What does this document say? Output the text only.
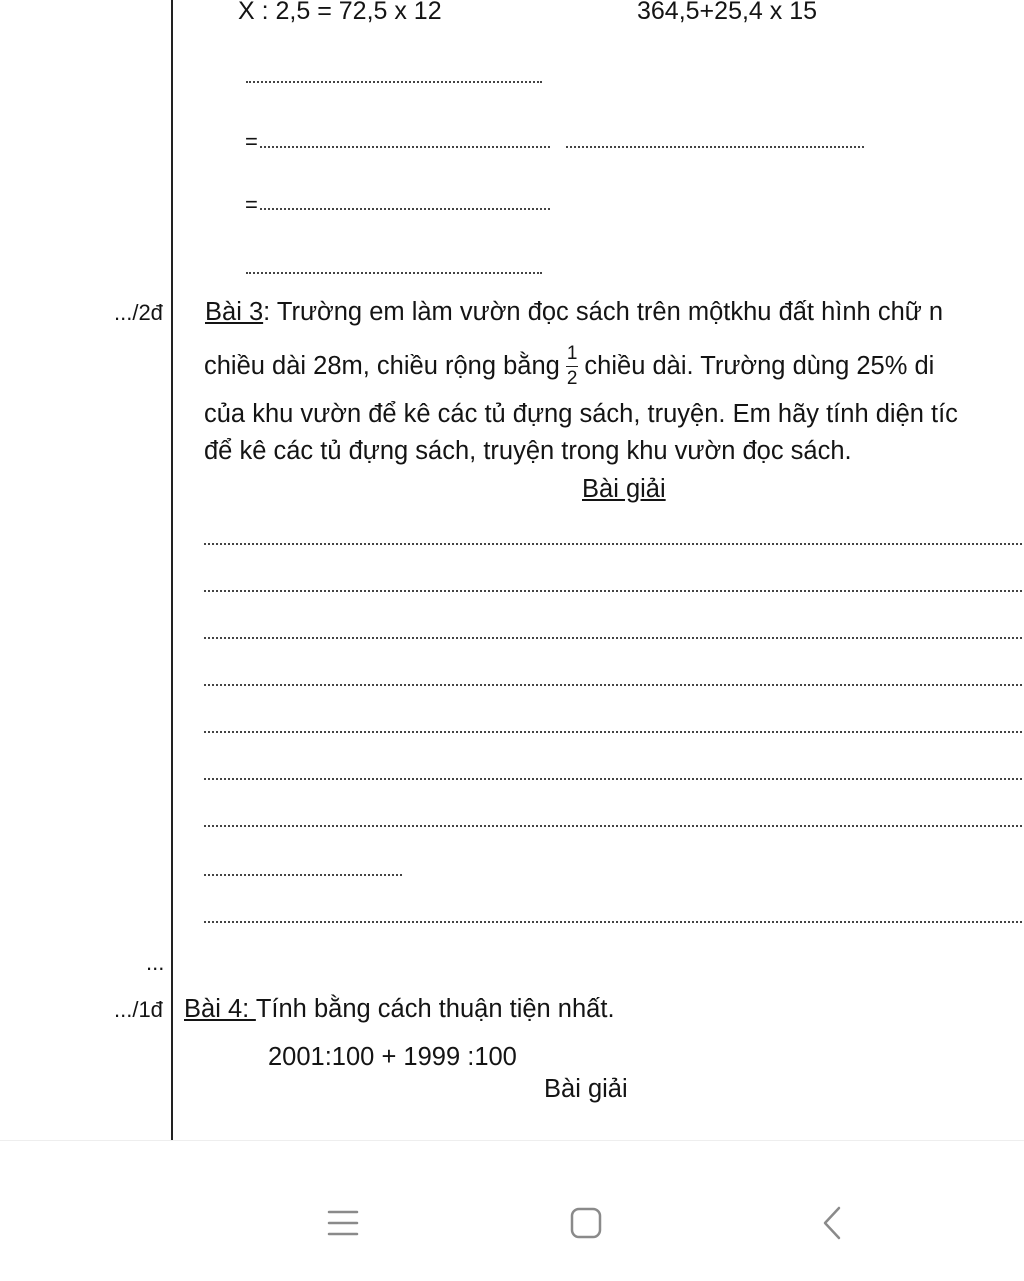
X : 2,5 = 72,5 x 12	364,5+25,4 x 15
=
=
.../2đ Bài 3: Trường em làm vườn đọc sách trên mộtkhu đất hình chữ n
chiều dài 28m, chiều rộng bằng $\frac{1}{2}$ chiều dài. Trường dùng 25% di
của khu vườn để kê các tủ đựng sách, truyện. Em hãy tính diện tíc
để kê các tủ đựng sách, truyện trong khu vườn đọc sách.
Bài giải
...
.../1đ Bài 4: Tính bằng cách thuận tiện nhất.
2001:100 + 1999 :100
Bài giải
